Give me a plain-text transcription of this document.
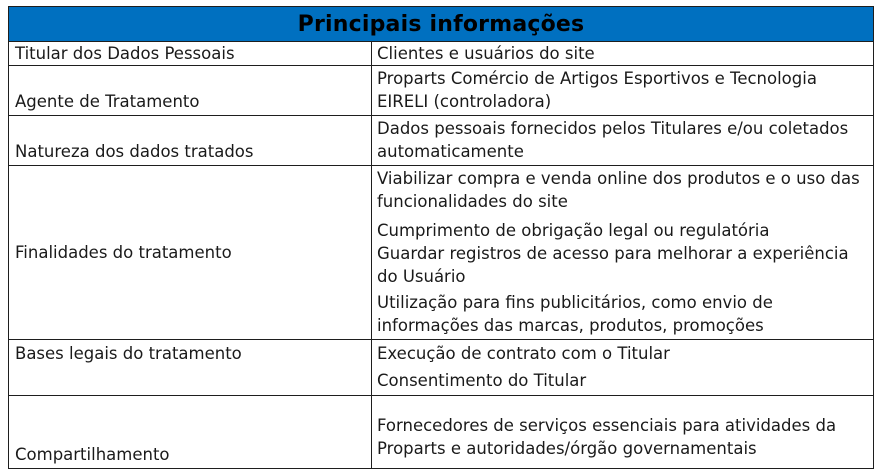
Principais informações
Titular dos Dados Pessoais	Clientes e usuários do site
Agente de Tratamento
Proparts Comércio de Artigos Esportivos e Tecnologia EIRELI (controladora)
Natureza dos dados tratados
Dados pessoais fornecidos pelos Titulares e/ou coletados automaticamente
Finalidades do tratamento
Viabilizar compra e venda online dos produtos e o uso das funcionalidades do site
Cumprimento de obrigação legal ou regulatória
Guardar registros de acesso para melhorar a experiência do Usuário
Utilização para fins publicitários, como envio de informações das marcas, produtos, promoções
Bases legais do tratamento	Execução de contrato com o Titular
Consentimento do Titular
Compartilhamento
Fornecedores de serviços essenciais para atividades da Proparts e autoridades/órgão governamentais
